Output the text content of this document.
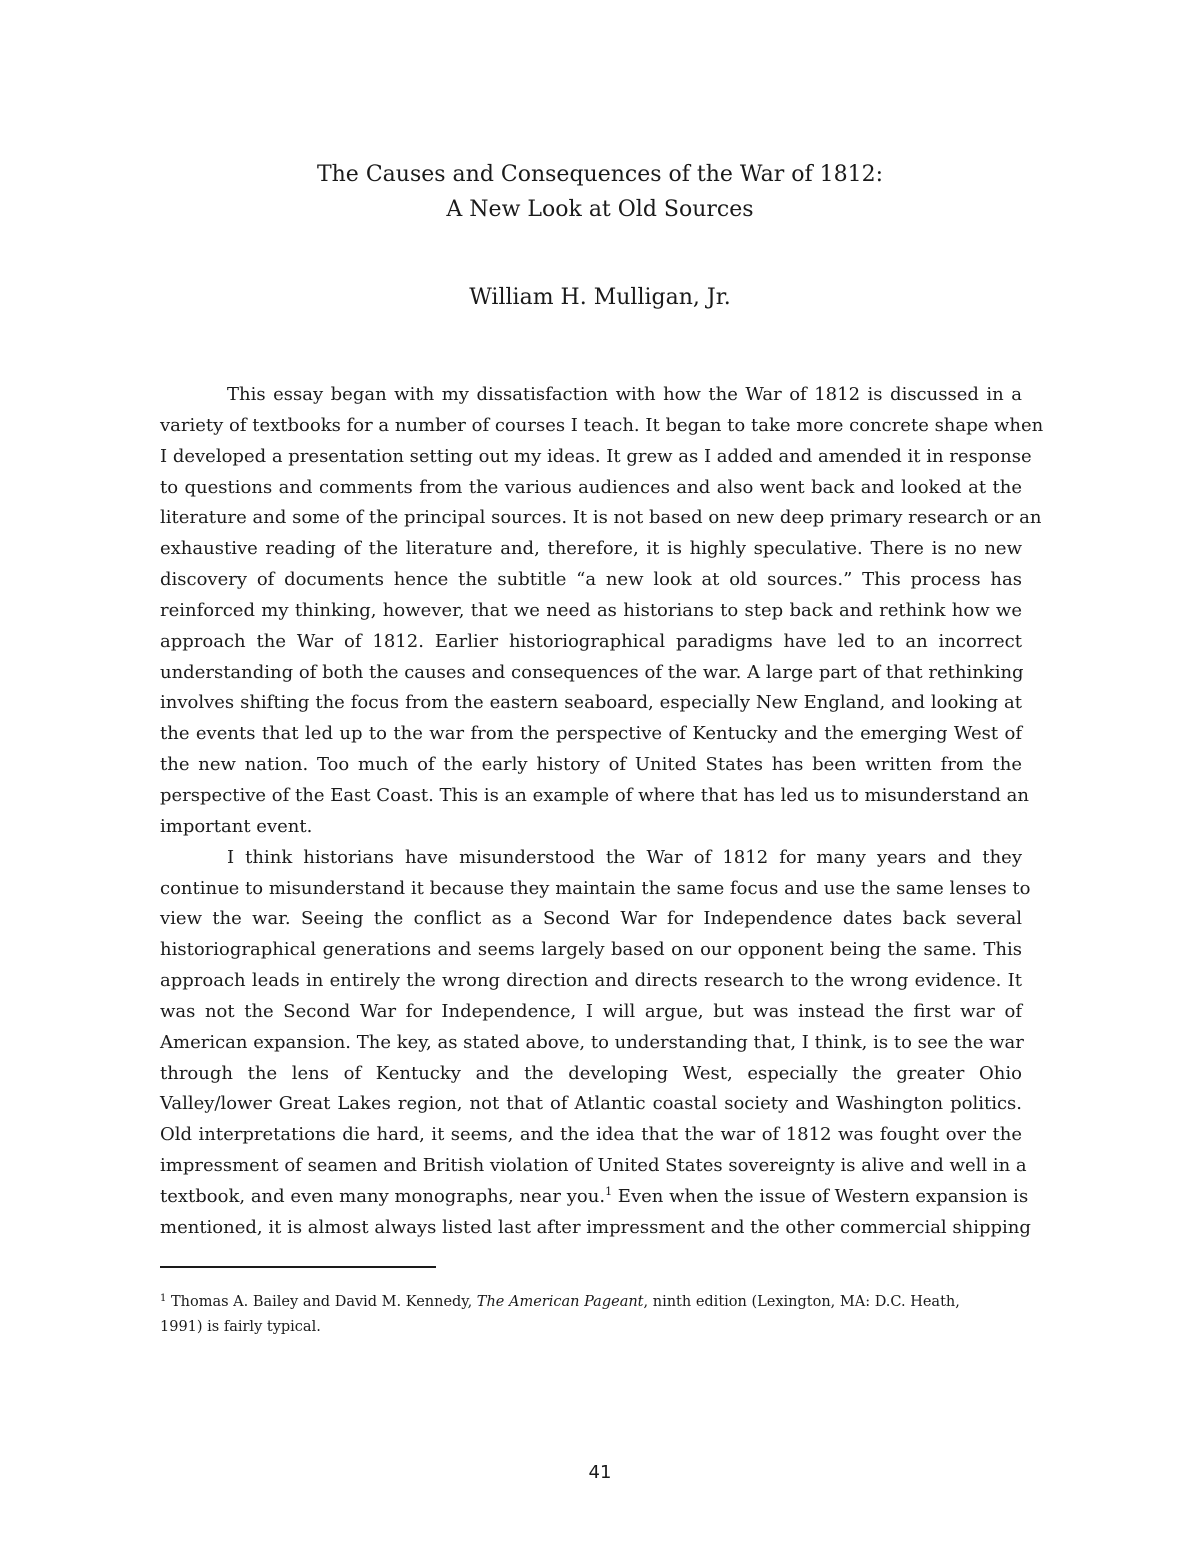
The Causes and Consequences of the War of 1812:
A New Look at Old Sources
William H. Mulligan, Jr.
This essay began with my dissatisfaction with how the War of 1812 is discussed in a
variety of textbooks for a number of courses I teach. It began to take more concrete shape when
I developed a presentation setting out my ideas. It grew as I added and amended it in response
to questions and comments from the various audiences and also went back and looked at the
literature and some of the principal sources. It is not based on new deep primary research or an
exhaustive reading of the literature and, therefore, it is highly speculative. There is no new
discovery of documents hence the subtitle “a new look at old sources.” This process has
reinforced my thinking, however, that we need as historians to step back and rethink how we
approach the War of 1812. Earlier historiographical paradigms have led to an incorrect
understanding of both the causes and consequences of the war. A large part of that rethinking
involves shifting the focus from the eastern seaboard, especially New England, and looking at
the events that led up to the war from the perspective of Kentucky and the emerging West of
the new nation. Too much of the early history of United States has been written from the
perspective of the East Coast. This is an example of where that has led us to misunderstand an
important event.
I think historians have misunderstood the War of 1812 for many years and they
continue to misunderstand it because they maintain the same focus and use the same lenses to
view the war. Seeing the conflict as a Second War for Independence dates back several
historiographical generations and seems largely based on our opponent being the same. This
approach leads in entirely the wrong direction and directs research to the wrong evidence. It
was not the Second War for Independence, I will argue, but was instead the first war of
American expansion. The key, as stated above, to understanding that, I think, is to see the war
through the lens of Kentucky and the developing West, especially the greater Ohio
Valley/lower Great Lakes region, not that of Atlantic coastal society and Washington politics.
Old interpretations die hard, it seems, and the idea that the war of 1812 was fought over the
impressment of seamen and British violation of United States sovereignty is alive and well in a
textbook, and even many monographs, near you.$^1$ Even when the issue of Western expansion is
mentioned, it is almost always listed last after impressment and the other commercial shipping
$^1$ Thomas A. Bailey and David M. Kennedy, The American Pageant, ninth edition (Lexington, MA: D.C. Heath,
1991) is fairly typical.
41
